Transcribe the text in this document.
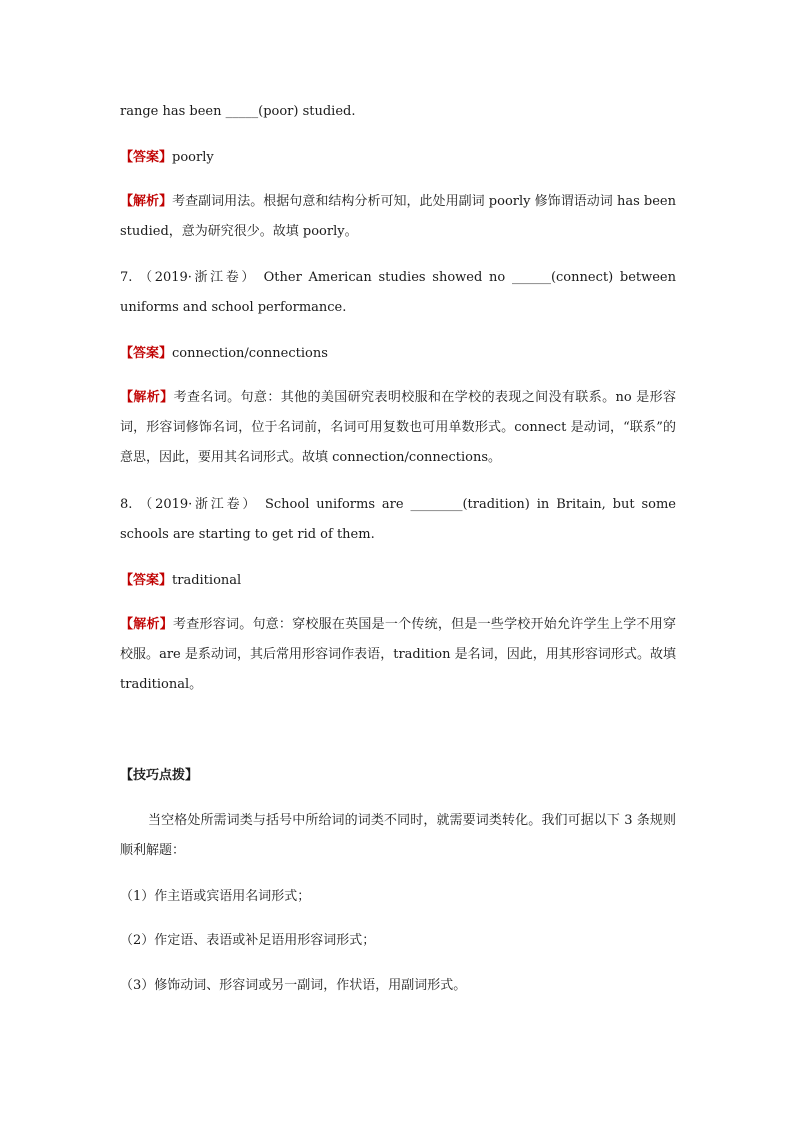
range has been _____(poor) studied.

【答案】poorly

【解析】考查副词用法。根据句意和结构分析可知，此处用副词 poorly 修饰谓语动词 has been studied，意为研究很少。故填 poorly。

7. （2019·浙江卷） Other American studies showed no ______(connect) between uniforms and school performance.

【答案】connection/connections

【解析】考查名词。句意：其他的美国研究表明校服和在学校的表现之间没有联系。no 是形容词，形容词修饰名词，位于名词前，名词可用复数也可用单数形式。connect 是动词，“联系”的意思，因此，要用其名词形式。故填 connection/connections。

8. （2019·浙江卷） School uniforms are ________(tradition) in Britain, but some schools are starting to get rid of them.

【答案】traditional

【解析】考查形容词。句意：穿校服在英国是一个传统，但是一些学校开始允许学生上学不用穿校服。are 是系动词，其后常用形容词作表语，tradition 是名词，因此，用其形容词形式。故填 traditional。

【技巧点拨】

当空格处所需词类与括号中所给词的词类不同时，就需要词类转化。我们可据以下 3 条规则顺利解题：

（1）作主语或宾语用名词形式；

（2）作定语、表语或补足语用形容词形式；

（3）修饰动词、形容词或另一副词，作状语，用副词形式。
